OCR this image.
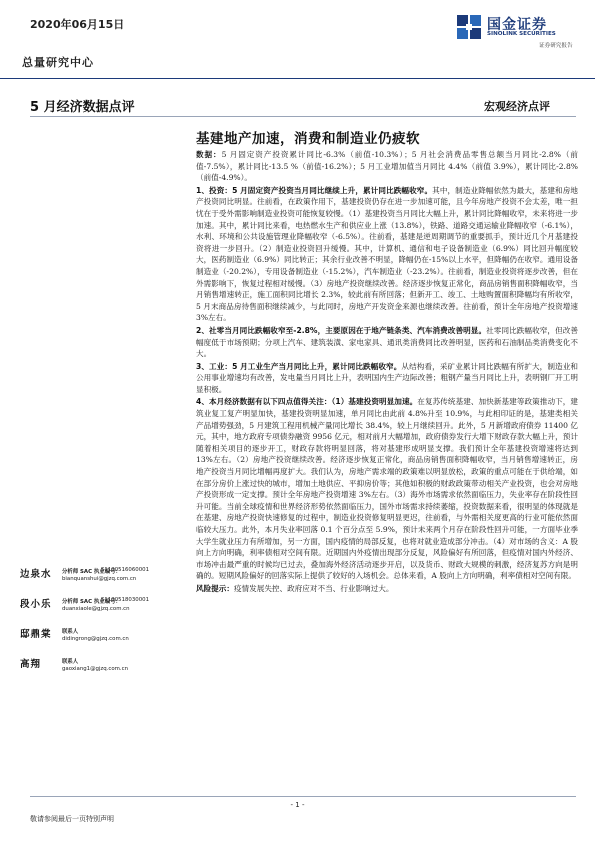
2020年06月15日	国金证券
SINOLINK SECURITIES
证券研究报告
总量研究中心
5 月经济数据点评	宏观经济点评
基建地产加速，消费和制造业仍疲软

数据：5 月固定资产投资累计同比-6.3%（前值-10.3%）；5 月社会消费品零售总额当月同比-2.8%（前值-7.5%），累计同比-13.5 %（前值-16.2%）；5 月工业增加值当月同比 4.4%（前值 3.9%），累计同比-2.8%（前值-4.9%）。

1、投资：5 月固定资产投资当月同比继续上升，累计同比跌幅收窄。其中，制造业降幅依然为最大，基建和房地产投资同比明显。往前看，在政策作用下，基建投资仍存在进一步加速可能，且今年房地产投资不会太差，唯一担忧在于受外需影响制造业投资可能恢复较慢。（1）基建投资当月同比大幅上升，累计同比降幅收窄，未来将进一步加速。其中，累计同比来看，电热燃水生产和供应业上涨（13.8%），铁路、道路交通运输业降幅收窄（-6.1%），水利、环境和公共设施管理业降幅收窄（-6.5%）。往前看，基建是逆周期调节的重要抓手，预计近几个月基建投资将进一步回升。（2）制造业投资回升缓慢。其中，计算机、通信和电子设备制造业（6.9%）同比回升幅度较大，医药制造业（6.9%）同比转正；其余行业改善不明显，降幅仍在-15%以上水平，但降幅仍在收窄。通用设备制造业（-20.2%），专用设备制造业（-15.2%），汽车制造业（-23.2%）。往前看，制造业投资将逐步改善，但在外需影响下，恢复过程相对缓慢。（3）房地产投资继续改善。经济逐步恢复正常化，商品房销售面积降幅收窄，当月销售增速转正，施工面积同比增长 2.3%，较此前有所回落；但新开工、竣工、土地购置面积降幅均有所收窄，5 月末商品房待售面积继续减少，与此同时，房地产开发资金来源也继续改善。往前看，预计全年房地产投资增速 3%左右。

2、社零当月同比跌幅收窄至-2.8%，主要原因在于地产链条类、汽车消费改善明显。社零同比跌幅收窄，但改善幅度低于市场预期；分项上汽车、建筑装潢、家电家具、通讯类消费同比改善明显，医药和石油制品类消费变化不大。

3、工业：5 月工业生产当月同比上升，累计同比跌幅收窄。从结构看，采矿业累计同比跌幅有所扩大，制造业和公用事业增速均有改善，发电量当月同比上升，表明国内生产边际改善；粗钢产量当月同比上升，表明钢厂开工明显积极。

4、本月经济数据有以下四点值得关注：（1）基建投资明显加速。在复苏传统基建、加快新基建等政策推动下，建筑业复工复产明显加快，基建投资明显加速，单月同比由此前 4.8%升至 10.9%，与此相印证的是，基建类相关产品增势强劲，5 月建筑工程用机械产量同比增长 38.4%，较上月继续回升。此外，5 月新增政府债券 11400 亿元，其中，地方政府专项债券融资 9956 亿元，相对前月大幅增加，政府债券发行大增下财政存款大幅上升，预计随着相关项目的逐步开工，财政存款将明显回落，将对基建形成明显支撑。我们预计全年基建投资增速将达到 13%左右。（2）房地产投资继续改善。经济逐步恢复正常化，商品房销售面积降幅收窄，当月销售增速转正，房地产投资当月同比增幅再度扩大。我们认为，房地产需求端的政策难以明显放松，政策的重点可能在于供给端，如在部分房价上涨过快的城市，增加土地供应、平抑房价等；其他如积极的财政政策带动相关产业投资，也会对房地产投资形成一定支撑。预计全年房地产投资增速 3%左右。（3）海外市场需求依然面临压力，失业率存在阶段性回升可能。当前全球疫情和世界经济形势依然面临压力，国外市场需求持续萎缩，投资数据来看，很明显的体现就是在基建、房地产投资快速修复的过程中，制造业投资修复明显更迟，往前看，与外需相关度更高的行业可能依然面临较大压力。此外，本月失业率回落 0.1 个百分点至 5.9%，预计未来两个月存在阶段性回升可能，一方面毕业季大学生就业压力有所增加，另一方面，国内疫情的局部反复，也将对就业造成部分冲击。（4）对市场的含义：A 股向上方向明确，利率债相对空间有限。近期国内外疫情出现部分反复，风险偏好有所回落，但疫情对国内外经济、市场冲击最严重的时候均已过去，叠加海外经济活动逐步开启，以及货币、财政大规模的刺激，经济复苏方向是明确的。短期风险偏好的回落实际上提供了较好的入场机会。总体来看，A 股向上方向明确，利率债相对空间有限。

风险提示：疫情发展失控、政府应对不当、行业影响过大。

边泉水 分析师 SAC 执业编号：
S1130516060001
bianquanshui@gjzq.com.cn
段小乐 分析师 SAC 执业编号：
S1130518030001
duanxiaole@gjzq.com.cn
邸鼎棠 联系人
didingrong@gjzq.com.cn
高翔	联系人
gaoxiang1@gjzq.com.cn
- 1 -
敬请参阅最后一页特别声明
